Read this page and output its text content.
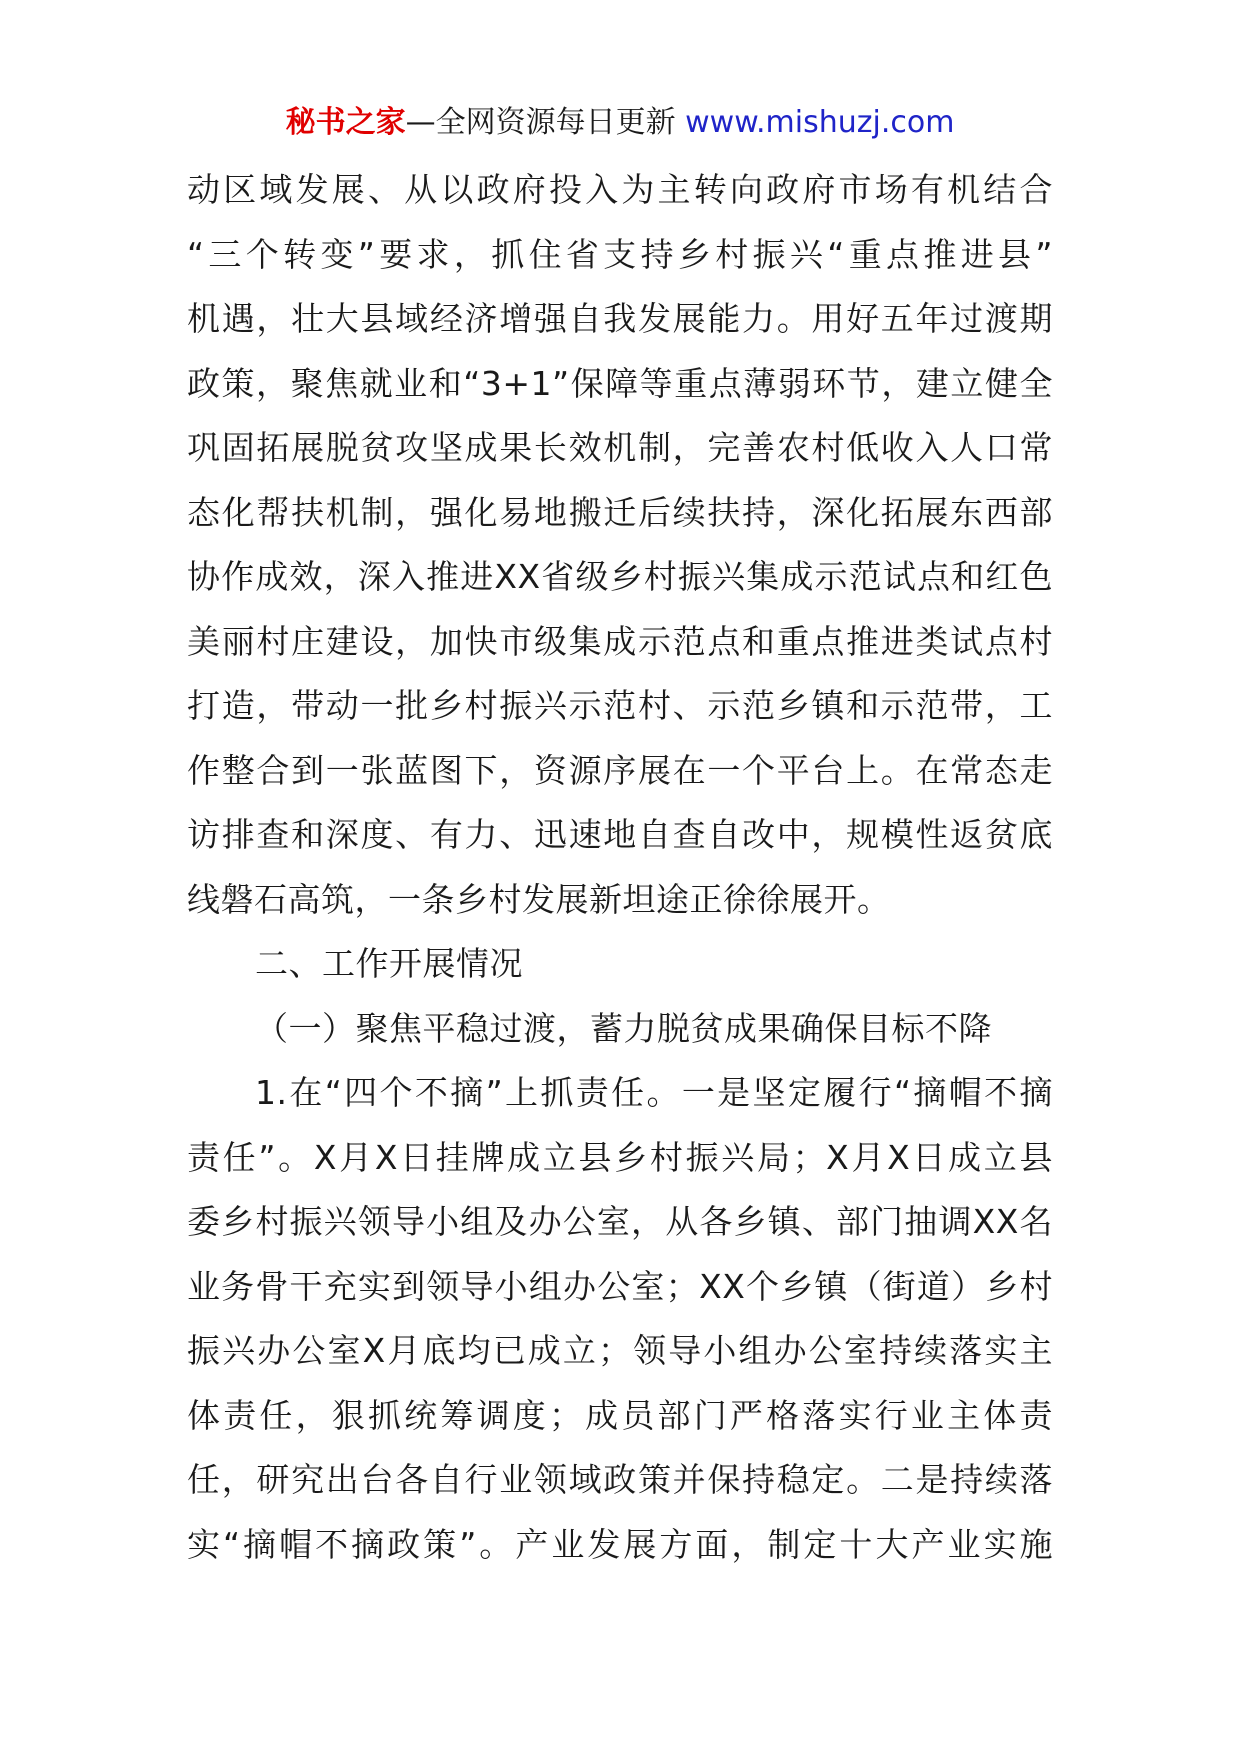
秘书之家—全网资源每日更新 www.mishuzj.com
动区域发展、从以政府投入为主转向政府市场有机结合
“三个转变”要求，抓住省支持乡村振兴“重点推进县”
机遇，壮大县域经济增强自我发展能力。用好五年过渡期
政策，聚焦就业和“3+1”保障等重点薄弱环节，建立健全
巩固拓展脱贫攻坚成果长效机制，完善农村低收入人口常
态化帮扶机制，强化易地搬迁后续扶持，深化拓展东西部
协作成效，深入推进XX省级乡村振兴集成示范试点和红色
美丽村庄建设，加快市级集成示范点和重点推进类试点村
打造，带动一批乡村振兴示范村、示范乡镇和示范带，工
作整合到一张蓝图下，资源序展在一个平台上。在常态走
访排查和深度、有力、迅速地自查自改中，规模性返贫底
线磐石高筑，一条乡村发展新坦途正徐徐展开。
二、工作开展情况
（一）聚焦平稳过渡，蓄力脱贫成果确保目标不降
1.在“四个不摘”上抓责任。一是坚定履行“摘帽不摘
责任”。X月X日挂牌成立县乡村振兴局；X月X日成立县
委乡村振兴领导小组及办公室，从各乡镇、部门抽调XX名
业务骨干充实到领导小组办公室；XX个乡镇（街道）乡村
振兴办公室X月底均已成立；领导小组办公室持续落实主
体责任，狠抓统筹调度；成员部门严格落实行业主体责
任，研究出台各自行业领域政策并保持稳定。二是持续落
实“摘帽不摘政策”。产业发展方面，制定十大产业实施
